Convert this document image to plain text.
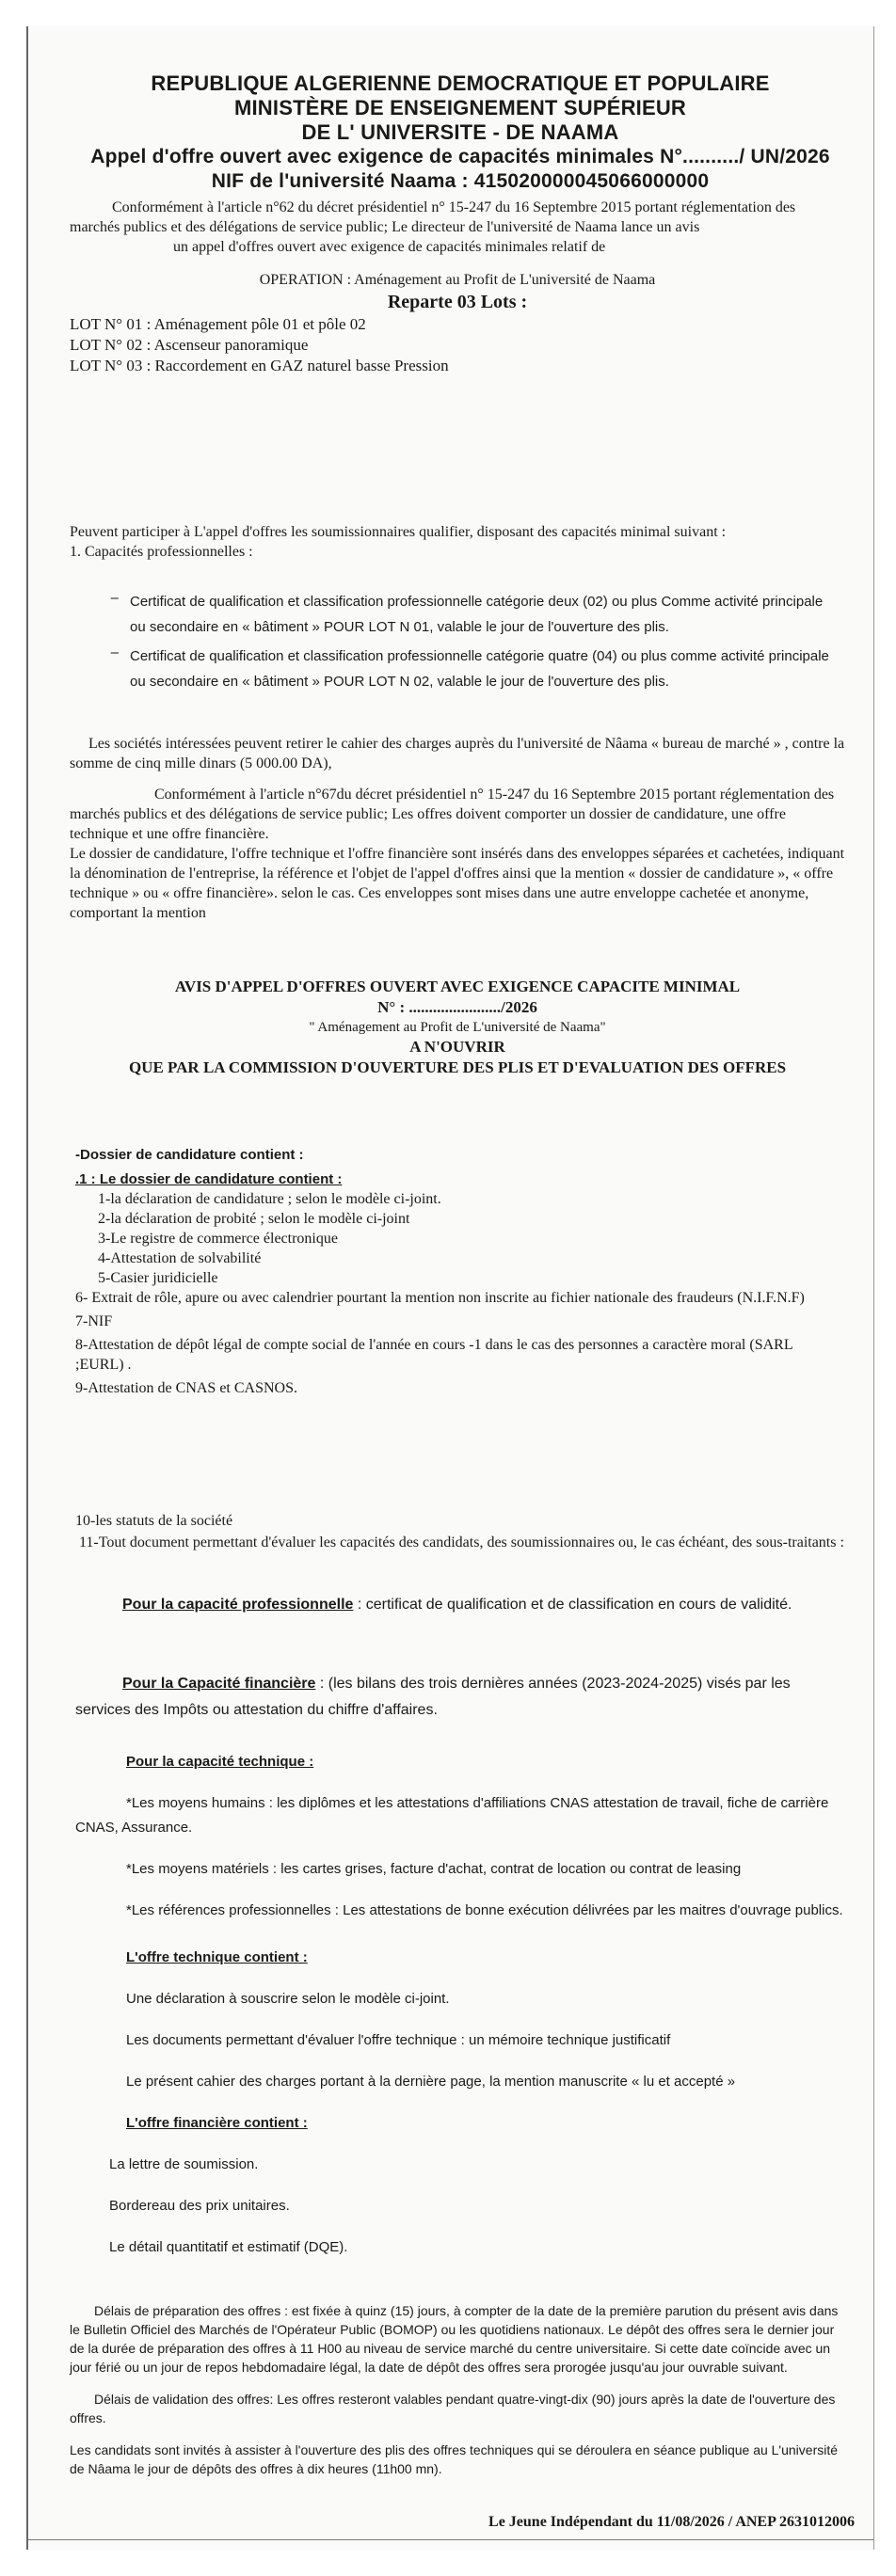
REPUBLIQUE ALGERIENNE DEMOCRATIQUE ET POPULAIRE

MINISTÈRE DE ENSEIGNEMENT SUPÉRIEUR

DE L' UNIVERSITE - DE NAAMA

Appel d'offre ouvert avec exigence de capacités minimales N°........../ UN/2026

NIF de l'université Naama : 415020000045066000000

Conformément à l'article n°62 du décret présidentiel n° 15-247 du 16 Septembre 2015 portant réglementation des marchés publics et des délégations de service public; Le directeur de l'université de Naama lance un avis

un appel d'offres ouvert avec exigence de capacités minimales relatif de

OPERATION : Aménagement au Profit de L'université de Naama

Reparte 03 Lots :

LOT N° 01 : Aménagement pôle 01 et pôle 02

LOT N° 02 : Ascenseur panoramique

LOT N° 03 : Raccordement en GAZ naturel basse Pression

Peuvent participer à L'appel d'offres les soumissionnaires qualifier, disposant des capacités minimal suivant :

1. Capacités professionnelles :

– Certificat de qualification et classification professionnelle catégorie deux (02) ou plus Comme activité principale ou secondaire en « bâtiment » POUR LOT N 01, valable le jour de l'ouverture des plis.

– Certificat de qualification et classification professionnelle catégorie quatre (04) ou plus comme activité principale ou secondaire en « bâtiment » POUR LOT N 02, valable le jour de l'ouverture des plis.

Les sociétés intéressées peuvent retirer le cahier des charges auprès du l'université de Nâama « bureau de marché » , contre la somme de cinq mille dinars (5 000.00 DA),

Conformément à l'article n°67du décret présidentiel n° 15-247 du 16 Septembre 2015 portant réglementation des marchés publics et des délégations de service public; Les offres doivent comporter un dossier de candidature, une offre technique et une offre financière.

Le dossier de candidature, l'offre technique et l'offre financière sont insérés dans des enveloppes séparées et cachetées, indiquant la dénomination de l'entreprise, la référence et l'objet de l'appel d'offres ainsi que la mention « dossier de candidature », « offre technique » ou « offre financière». selon le cas. Ces enveloppes sont mises dans une autre enveloppe cachetée et anonyme, comportant la mention

AVIS D'APPEL D'OFFRES OUVERT AVEC EXIGENCE CAPACITE MINIMAL

N° : ......................./2026

" Aménagement au Profit de L'université de Naama"

A N'OUVRIR

QUE PAR LA COMMISSION D'OUVERTURE DES PLIS ET D'EVALUATION DES OFFRES

-Dossier de candidature contient :

.1 : Le dossier de candidature contient :

1-la déclaration de candidature ; selon le modèle ci-joint.

2-la déclaration de probité ; selon le modèle ci-joint

3-Le registre de commerce électronique

4-Attestation de solvabilité

5-Casier juridicielle

6- Extrait de rôle, apure ou avec calendrier pourtant la mention non inscrite au fichier nationale des fraudeurs (N.I.F.N.F)

7-NIF

8-Attestation de dépôt légal de compte social de l'année en cours -1 dans le cas des personnes a caractère moral (SARL ;EURL) .

9-Attestation de CNAS et CASNOS.

10-les statuts de la société

11-Tout document permettant d'évaluer les capacités des candidats, des soumissionnaires ou, le cas échéant, des sous-traitants :

Pour la capacité professionnelle : certificat de qualification et de classification en cours de validité.

Pour la Capacité financière : (les bilans des trois dernières années (2023-2024-2025) visés par les services des Impôts ou attestation du chiffre d'affaires.

Pour la capacité technique :

*Les moyens humains : les diplômes et les attestations d'affiliations CNAS attestation de travail, fiche de carrière CNAS, Assurance.

*Les moyens matériels : les cartes grises, facture d'achat, contrat de location ou contrat de leasing

*Les références professionnelles : Les attestations de bonne exécution délivrées par les maitres d'ouvrage publics.

L'offre technique contient :

Une déclaration à souscrire selon le modèle ci-joint.

Les documents permettant d'évaluer l'offre technique : un mémoire technique justificatif

Le présent cahier des charges portant à la dernière page, la mention manuscrite « lu et accepté »

L'offre financière contient :

La lettre de soumission.

Bordereau des prix unitaires.

Le détail quantitatif et estimatif (DQE).

Délais de préparation des offres : est fixée à quinz (15) jours, à compter de la date de la première parution du présent avis dans le Bulletin Officiel des Marchés de l'Opérateur Public (BOMOP) ou les quotidiens nationaux. Le dépôt des offres sera le dernier jour de la durée de préparation des offres à 11 H00 au niveau de service marché du centre universitaire. Si cette date coïncide avec un jour férié ou un jour de repos hebdomadaire légal, la date de dépôt des offres sera prorogée jusqu'au jour ouvrable suivant.

Délais de validation des offres: Les offres resteront valables pendant quatre-vingt-dix (90) jours après la date de l'ouverture des offres.

Les candidats sont invités à assister à l'ouverture des plis des offres techniques qui se déroulera en séance publique au L'université de Nâama le jour de dépôts des offres à dix heures (11h00 mn).

Le Jeune Indépendant du 11/08/2026 / ANEP 2631012006
